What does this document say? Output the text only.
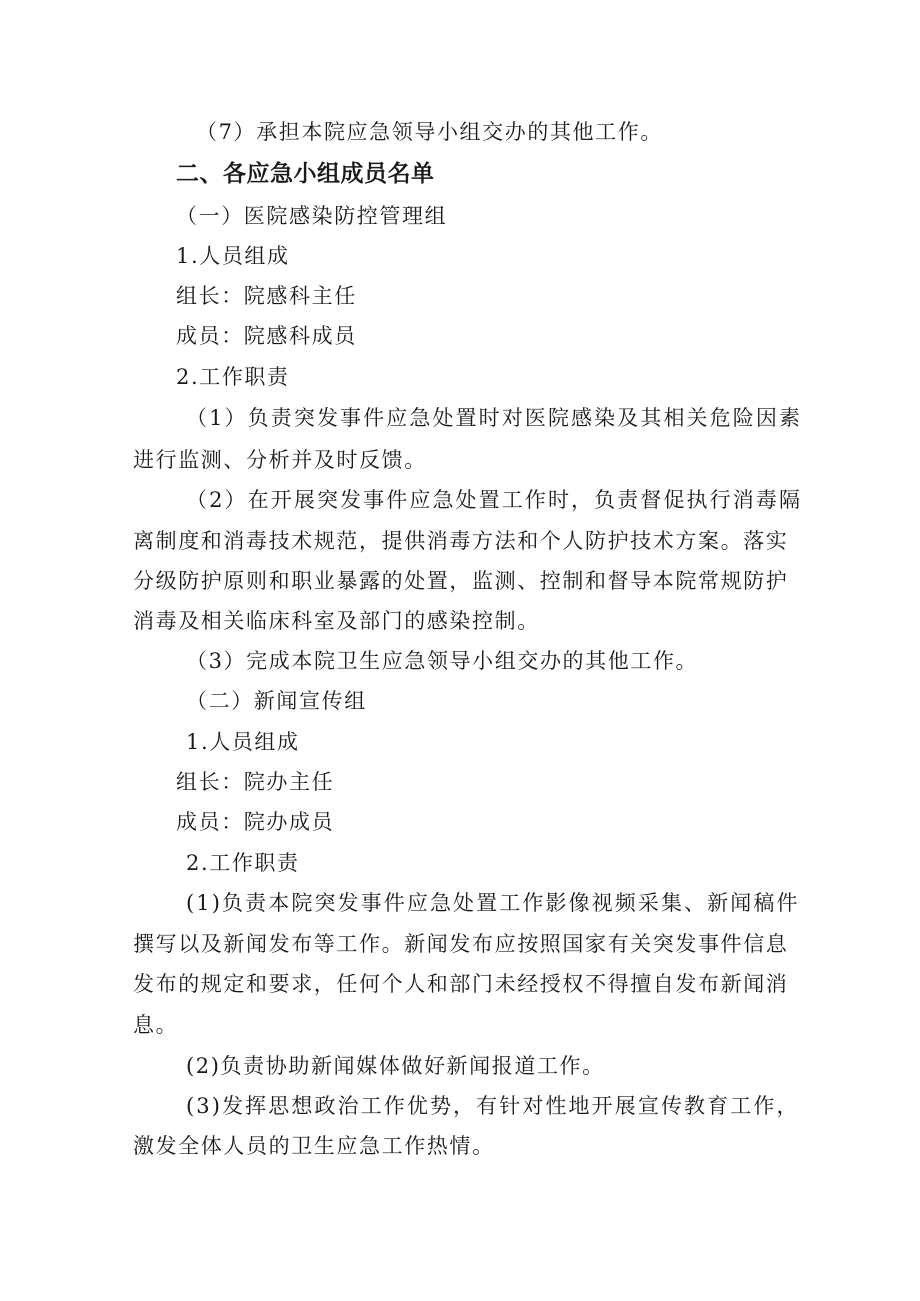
（7）承担本院应急领导小组交办的其他工作。

二、各应急小组成员名单

（一）医院感染防控管理组

1.人员组成

组长：院感科主任

成员：院感科成员

2.工作职责

（1）负责突发事件应急处置时对医院感染及其相关危险因素

进行监测、分析并及时反馈。

（2）在开展突发事件应急处置工作时，负责督促执行消毒隔

离制度和消毒技术规范，提供消毒方法和个人防护技术方案。落实

分级防护原则和职业暴露的处置，监测、控制和督导本院常规防护

消毒及相关临床科室及部门的感染控制。

（3）完成本院卫生应急领导小组交办的其他工作。

（二）新闻宣传组

1.人员组成

组长：院办主任

成员：院办成员

2.工作职责

(1)负责本院突发事件应急处置工作影像视频采集、新闻稿件

撰写以及新闻发布等工作。新闻发布应按照国家有关突发事件信息

发布的规定和要求，任何个人和部门未经授权不得擅自发布新闻消

息。

(2)负责协助新闻媒体做好新闻报道工作。

(3)发挥思想政治工作优势，有针对性地开展宣传教育工作，

激发全体人员的卫生应急工作热情。
